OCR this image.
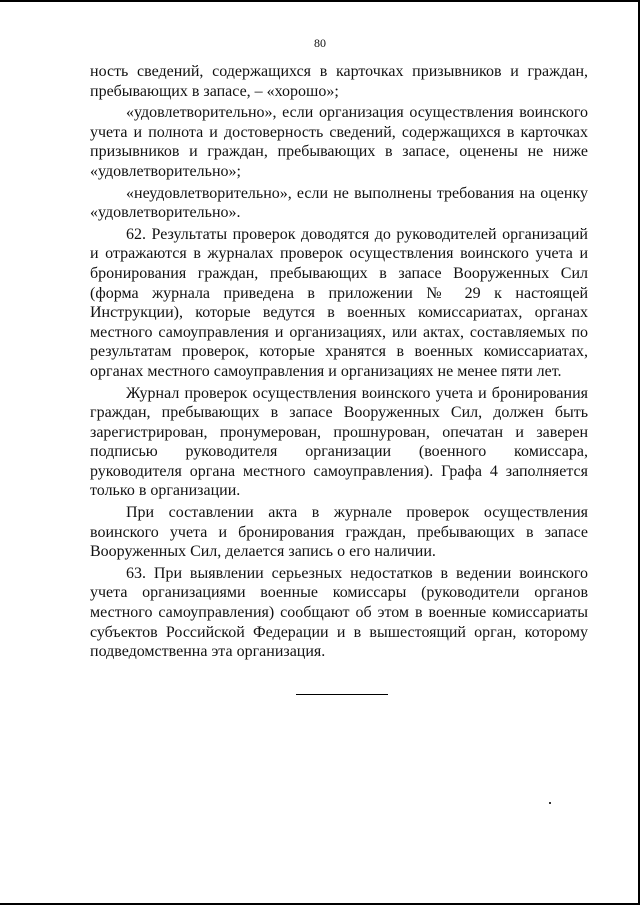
80

ность сведений, содержащихся в карточках призывников и граждан, пребывающих в запасе, – «хорошо»;

«удовлетворительно», если организация осуществления воинского учета и полнота и достоверность сведений, содержащихся в карточках призывников и граждан, пребывающих в запасе, оценены не ниже «удовлетворительно»;

«неудовлетворительно», если не выполнены требования на оценку «удовлетворительно».

62. Результаты проверок доводятся до руководителей организаций и отражаются в журналах проверок осуществления воинского учета и бронирования граждан, пребывающих в запасе Вооруженных Сил (форма журнала приведена в приложении № 29 к настоящей Инструкции), которые ведутся в военных комиссариатах, органах местного самоуправления и организациях, или актах, составляемых по результатам проверок, которые хранятся в военных комиссариатах, органах местного самоуправления и организациях не менее пяти лет.

Журнал проверок осуществления воинского учета и бронирования граждан, пребывающих в запасе Вооруженных Сил, должен быть зарегистрирован, пронумерован, прошнурован, опечатан и заверен подписью руководителя организации (военного комиссара, руководителя органа местного самоуправления). Графа 4 заполняется только в организации.

При составлении акта в журнале проверок осуществления воинского учета и бронирования граждан, пребывающих в запасе Вооруженных Сил, делается запись о его наличии.

63. При выявлении серьезных недостатков в ведении воинского учета организациями военные комиссары (руководители органов местного самоуправления) сообщают об этом в военные комиссариаты субъектов Российской Федерации и в вышестоящий орган, которому подведомственна эта организация.
